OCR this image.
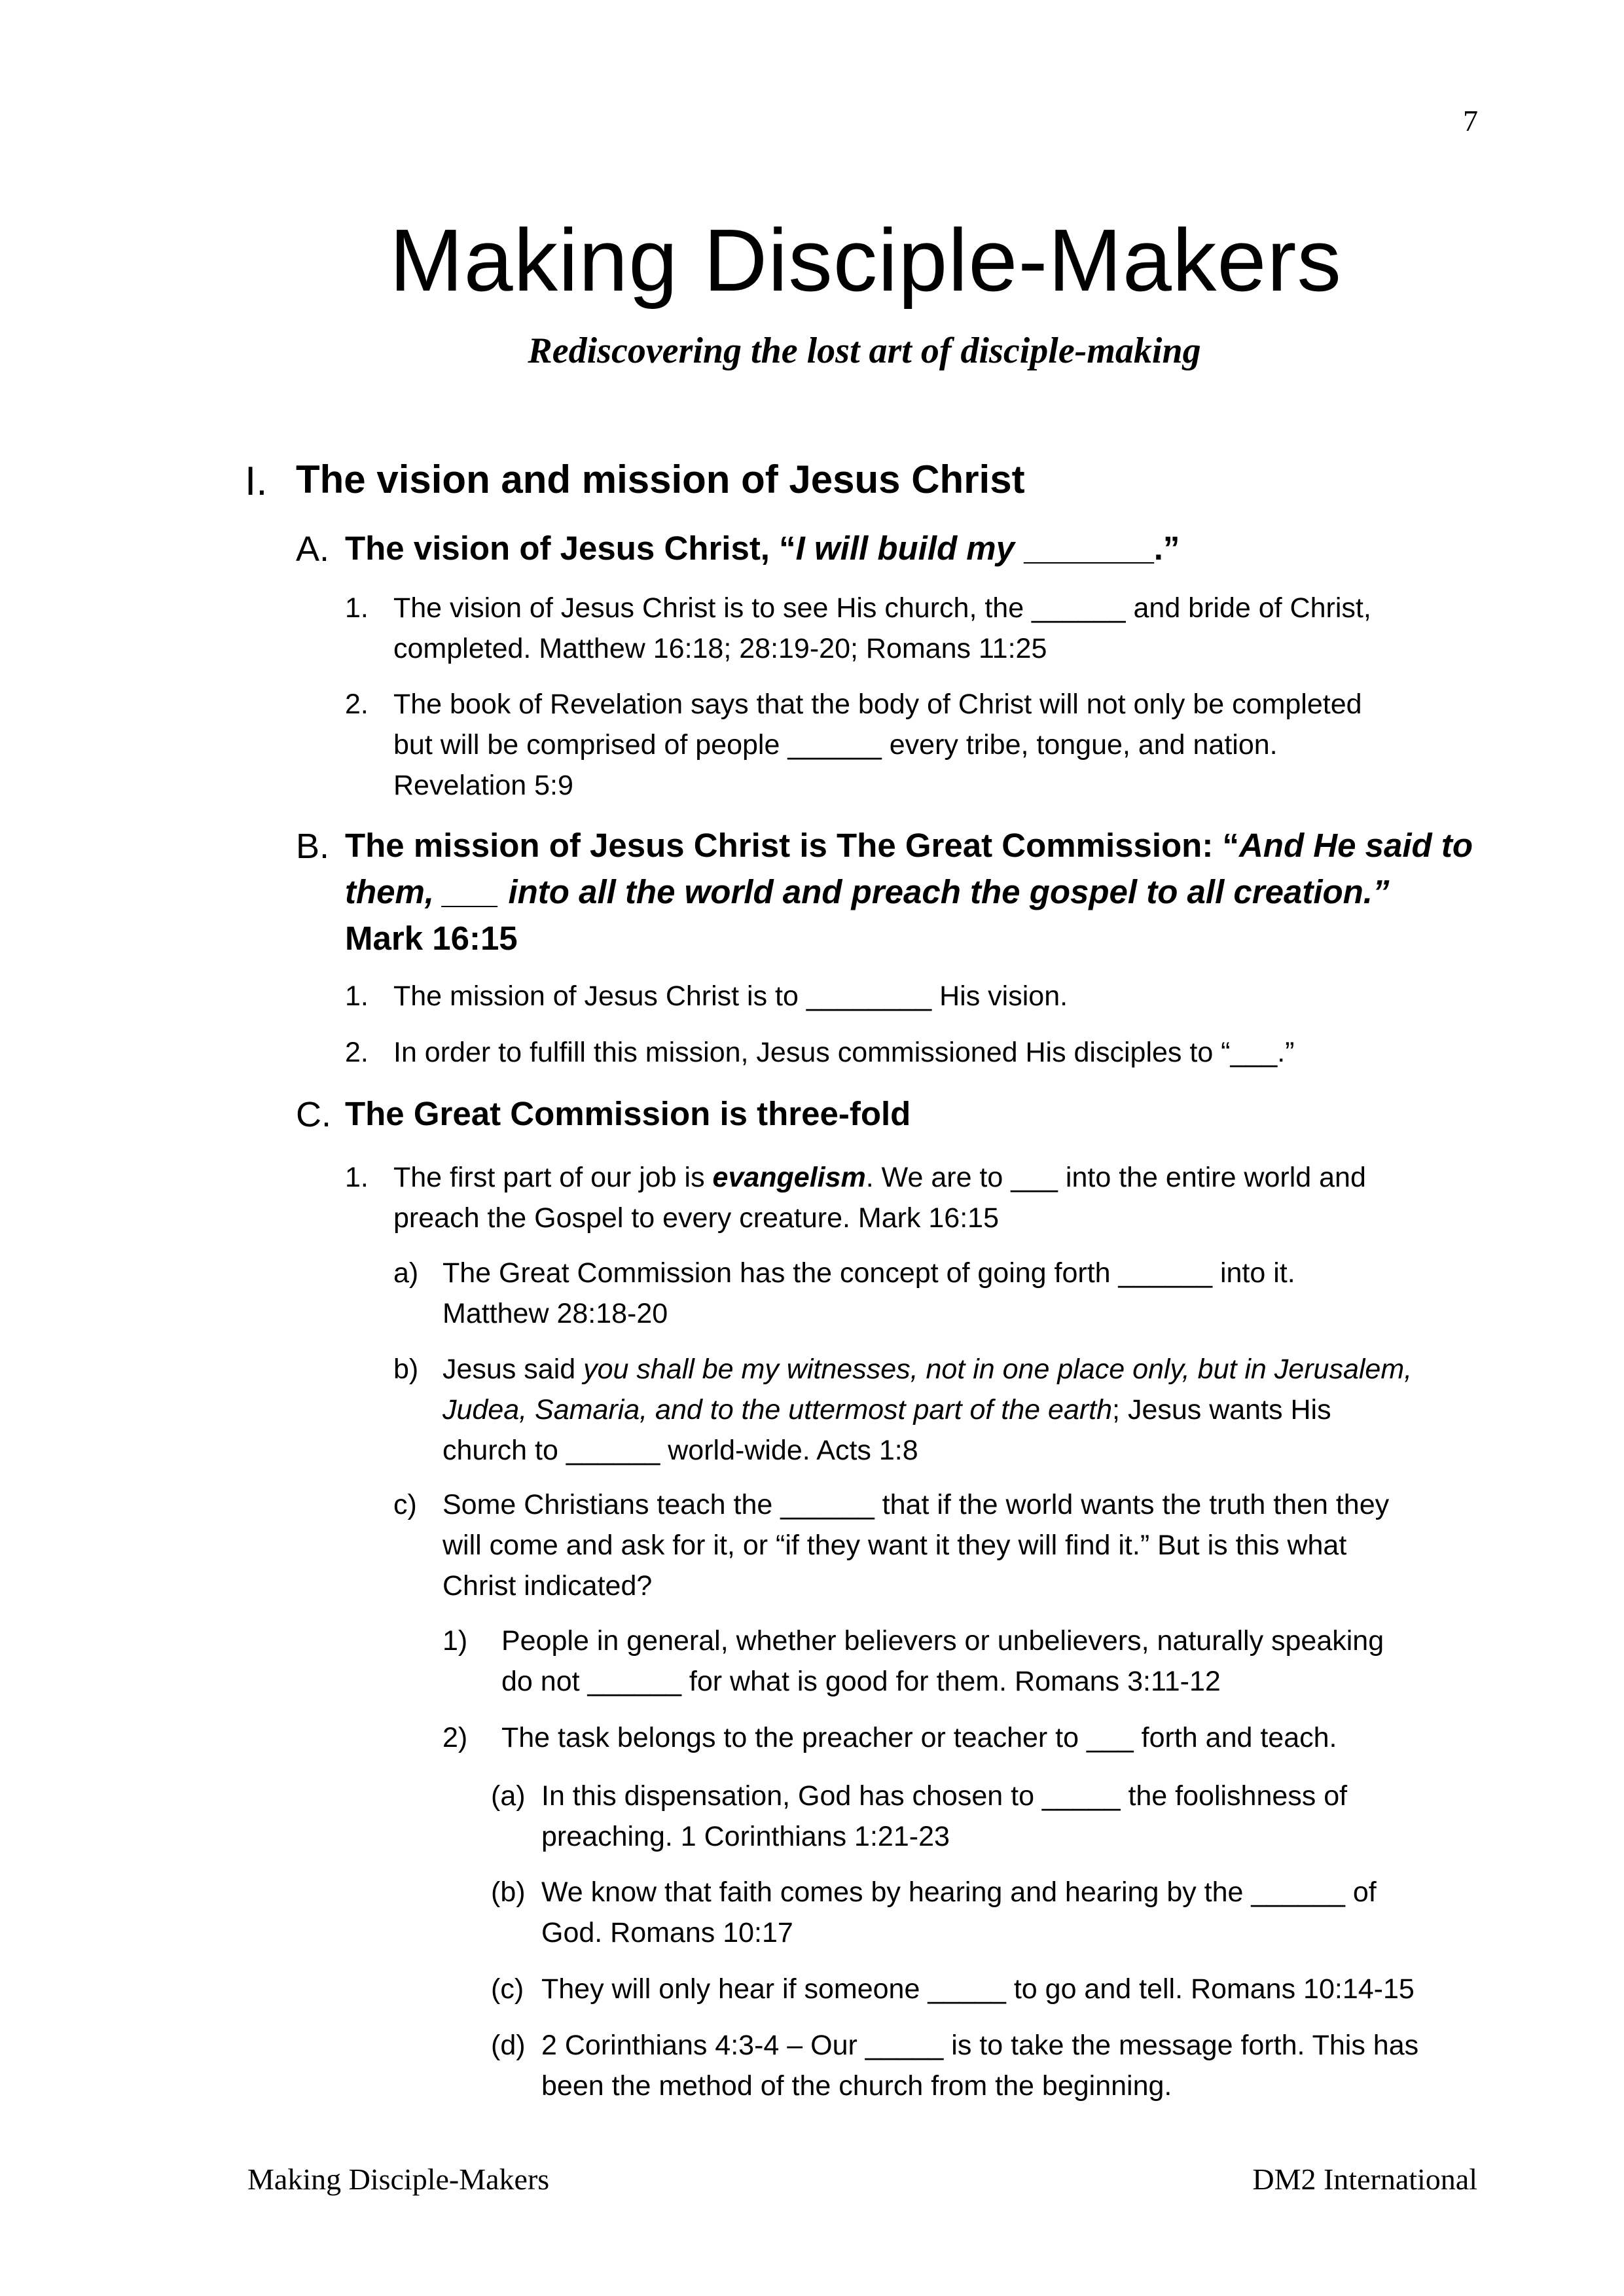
7
Making Disciple-Makers
Rediscovering the lost art of disciple-making
I. The vision and mission of Jesus Christ
A. The vision of Jesus Christ, “I will build my _______.”
1. The vision of Jesus Christ is to see His church, the ______ and bride of Christ,
completed. Matthew 16:18; 28:19-20; Romans 11:25
2. The book of Revelation says that the body of Christ will not only be completed
but will be comprised of people ______ every tribe, tongue, and nation.
Revelation 5:9
B. The mission of Jesus Christ is The Great Commission: “And He said to
them, ___ into all the world and preach the gospel to all creation.”
Mark 16:15
1. The mission of Jesus Christ is to ________ His vision.
2. In order to fulfill this mission, Jesus commissioned His disciples to “___.”
C. The Great Commission is three-fold
1. The first part of our job is evangelism. We are to ___ into the entire world and
preach the Gospel to every creature. Mark 16:15
a) The Great Commission has the concept of going forth ______ into it.
Matthew 28:18-20
b) Jesus said you shall be my witnesses, not in one place only, but in Jerusalem,
Judea, Samaria, and to the uttermost part of the earth; Jesus wants His
church to ______ world-wide. Acts 1:8
c) Some Christians teach the ______ that if the world wants the truth then they
will come and ask for it, or “if they want it they will find it.” But is this what
Christ indicated?
1) People in general, whether believers or unbelievers, naturally speaking
do not ______ for what is good for them. Romans 3:11-12
2) The task belongs to the preacher or teacher to ___ forth and teach.
(a) In this dispensation, God has chosen to _____ the foolishness of
preaching. 1 Corinthians 1:21-23
(b) We know that faith comes by hearing and hearing by the ______ of
God. Romans 10:17
(c) They will only hear if someone _____ to go and tell. Romans 10:14-15
(d) 2 Corinthians 4:3-4 – Our _____ is to take the message forth. This has
been the method of the church from the beginning.
Making Disciple-Makers	DM2 International
